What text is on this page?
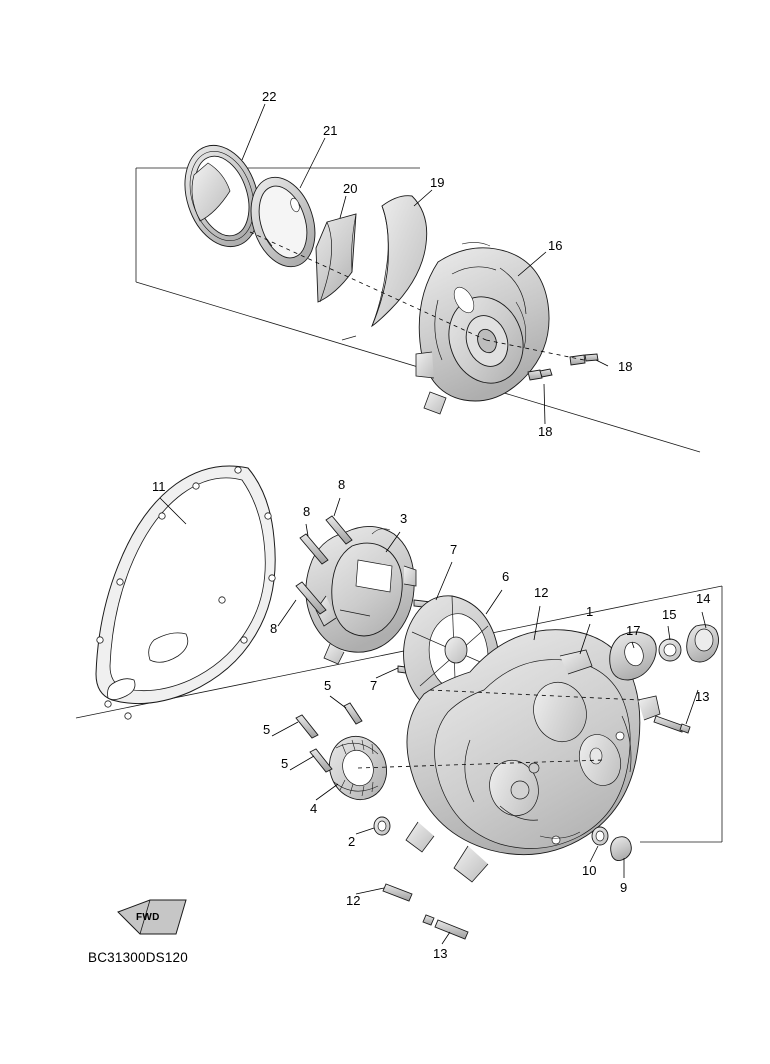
22
21
20	19
16
18
18
11	8
8	3
7
8
6
12
1	15
14
17
13
7
5
5
5
4
2
10
9
12
13
FWD
BC31300DS120
